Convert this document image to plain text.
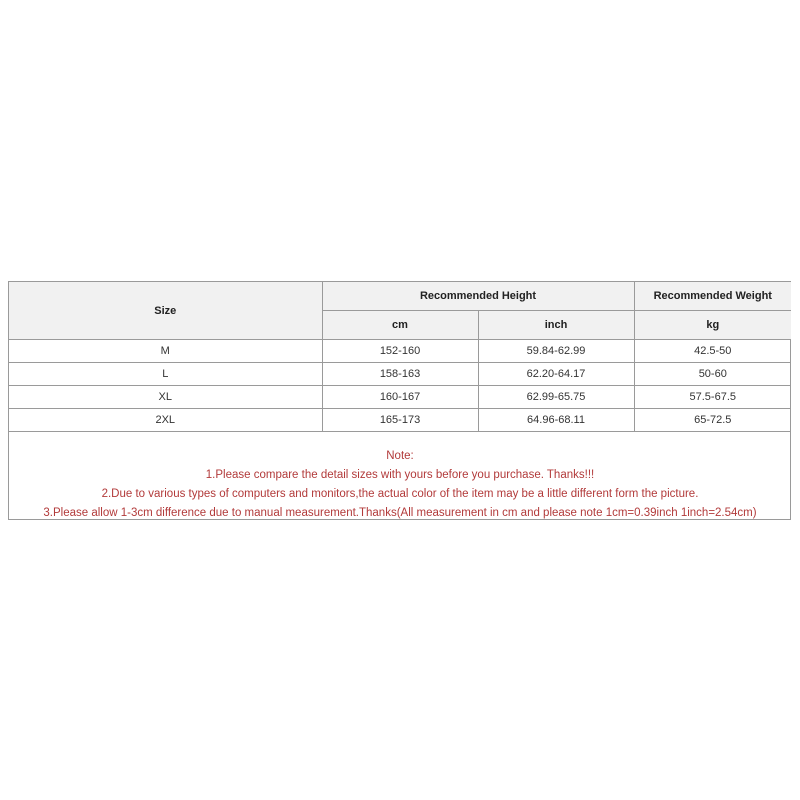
Size	Recommended Height		Recommended Weight
	cm	inch	kg
M	152-160	59.84-62.99	42.5-50
L	158-163	62.20-64.17	50-60
XL	160-167	62.99-65.75	57.5-67.5
2XL	165-173	64.96-68.11	65-72.5
Note:
1.Please compare the detail sizes with yours before you purchase. Thanks!!!
2.Due to various types of computers and monitors,the actual color of the item may be a little different form the picture.
3.Please allow 1-3cm difference due to manual measurement.Thanks(All measurement in cm and please note 1cm=0.39inch 1inch=2.54cm)
